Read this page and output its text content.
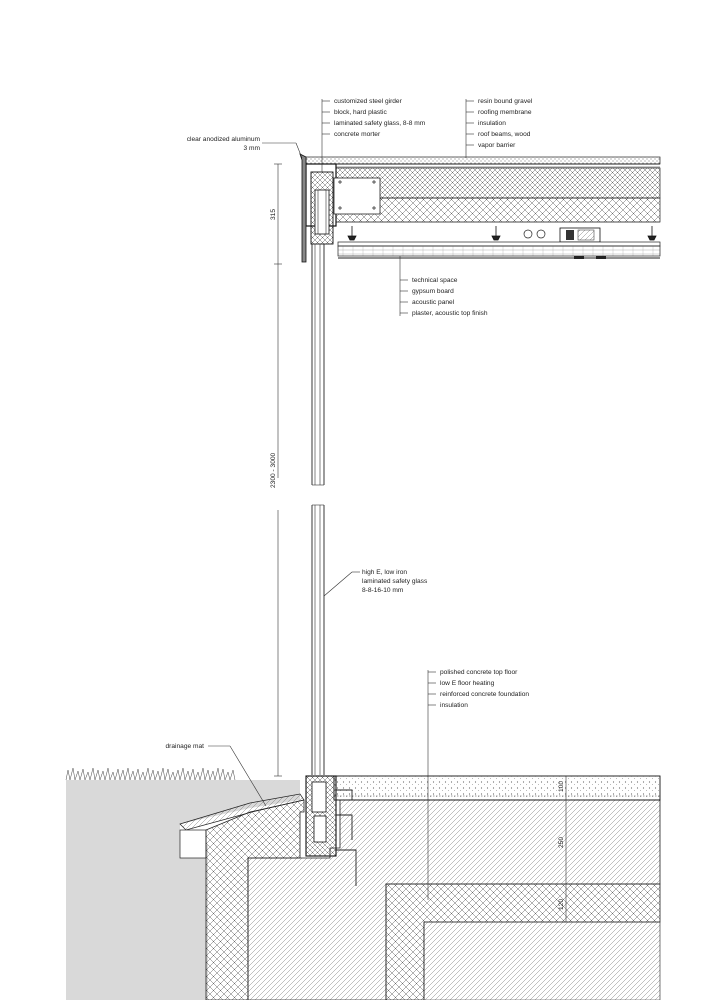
315
2300 - 3000
100
250
120
customized steel girder
block, hard plastic
laminated safety glass, 8-8 mm
concrete morter
resin bound gravel
roofing membrane
insulation
roof beams, wood
vapor barrier
clear anodized aluminum
3 mm
technical space
gypsum board
acoustic panel
plaster, acoustic top finish
high E, low iron
laminated safety glass
8-8-16-10 mm
polished concrete top floor
low E floor heating
reinforced concrete foundation
insulation
drainage mat
